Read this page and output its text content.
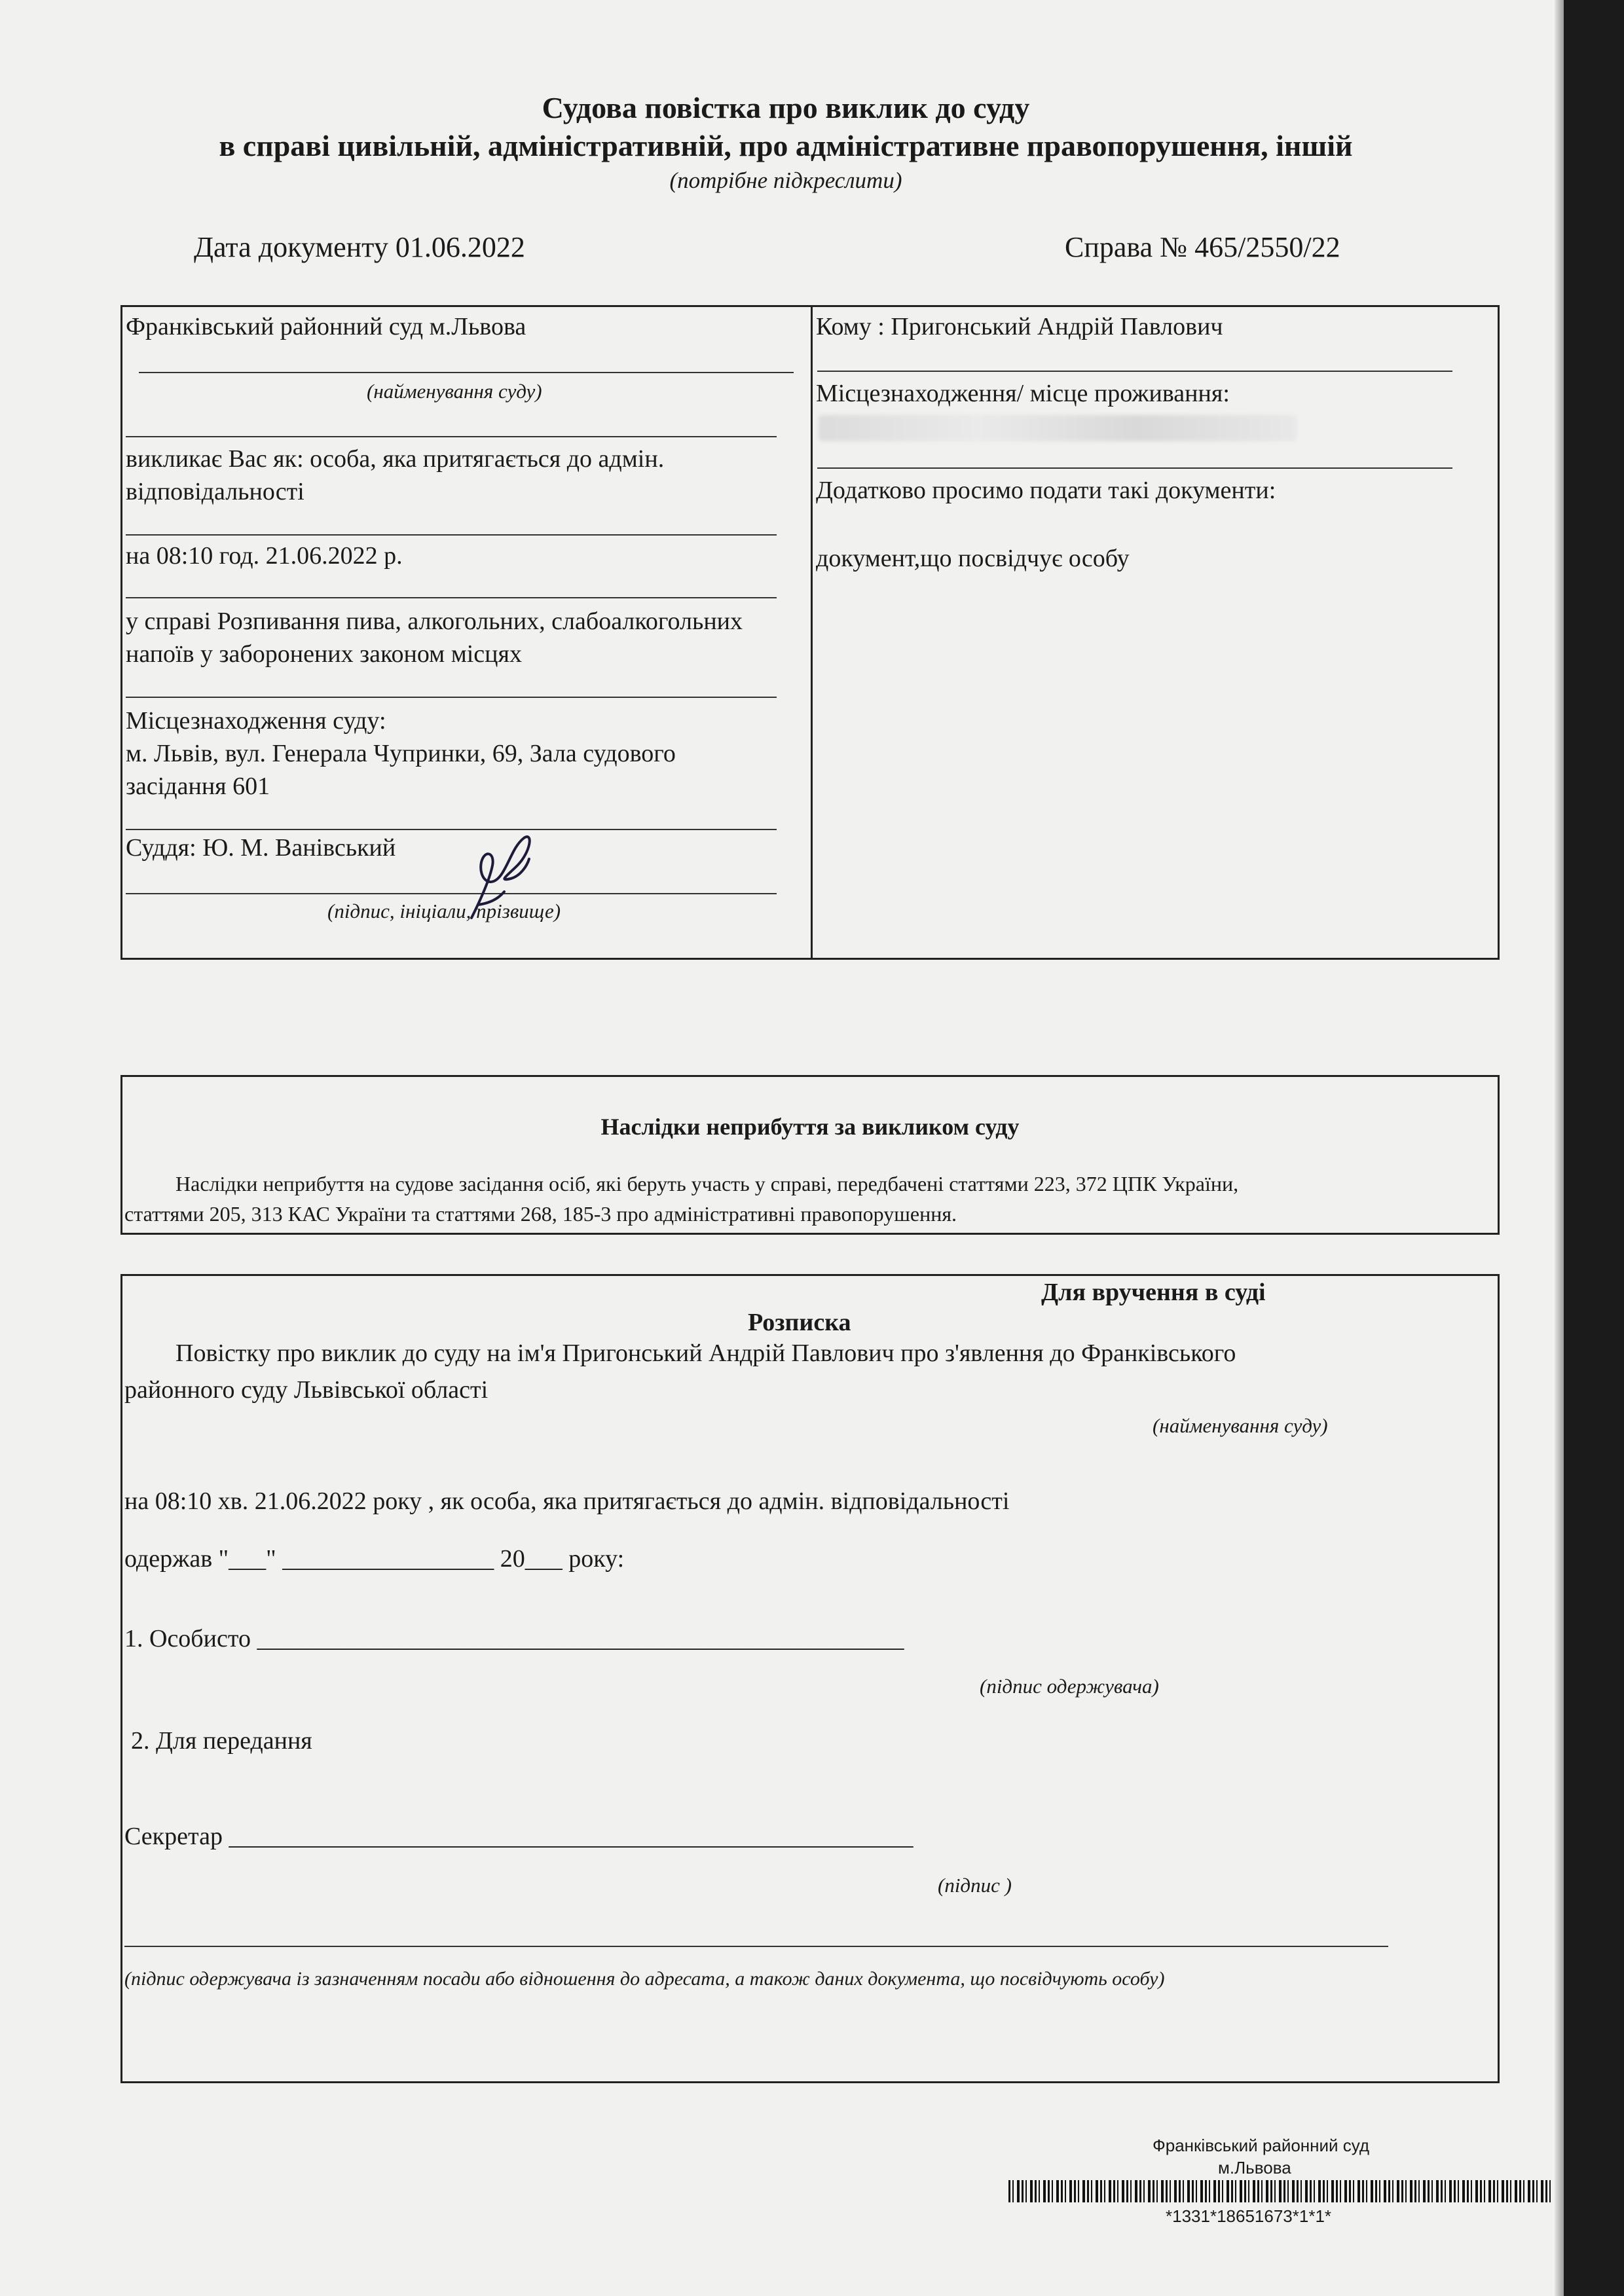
Судова повістка про виклик до суду
в справі цивільній, адміністративній, про адміністративне правопорушення, іншій
(потрібне підкреслити)
Дата документу 01.06.2022	Справа № 465/2550/22
Франківський районний суд м.Львова
(найменування суду)
викликає Вас як: особа, яка притягається до адмін.
відповідальності
на 08:10 год. 21.06.2022 р.
у справі Розпивання пива, алкогольних, слабоалкогольних
напоїв у заборонених законом місцях
Місцезнаходження суду:
м. Львів, вул. Генерала Чупринки, 69, Зала судового
засідання 601
Суддя: Ю. М. Ванівський
(підпис, ініціали, прізвище)
Кому : Пригонський Андрій Павлович
Місцезнаходження/ місце проживання:
Додатково просимо подати такі документи:
документ,що посвідчує особу
Наслідки неприбуття за викликом суду
Наслідки неприбуття на судове засідання осіб, які беруть участь у справі, передбачені статтями 223, 372 ЦПК України,
статтями 205, 313 КАС України та статтями 268, 185-3 про адміністративні правопорушення.
Для вручення в суді
Розписка
Повістку про виклик до суду на ім'я Пригонський Андрій Павлович про з'явлення до Франківського
районного суду Львівської області
(найменування суду)
на 08:10 хв. 21.06.2022 року , як особа, яка притягається до адмін. відповідальності
одержав "___" _________________ 20___ року:
1. Особисто ____________________________________________________
(підпис одержувача)
2. Для передання
Секретар _______________________________________________________
(підпис )
(підпис одержувача із зазначенням посади або відношення до адресата, а також даних документа, що посвідчують особу)
Франківський районний суд
м.Львова
*1331*18651673*1*1*
